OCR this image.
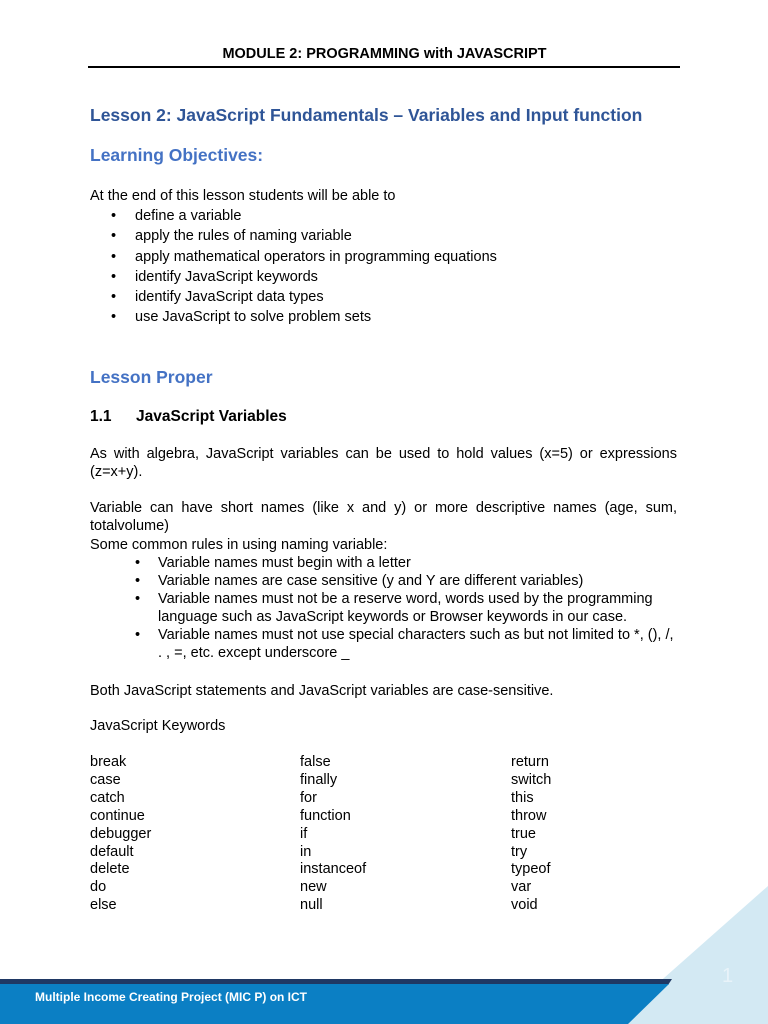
MODULE 2: PROGRAMMING with JAVASCRIPT
Lesson 2: JavaScript Fundamentals – Variables and Input function
Learning Objectives:
At the end of this lesson students will be able to
• define a variable
• apply the rules of naming variable
• apply mathematical operators in programming equations
• identify JavaScript keywords
• identify JavaScript data types
• use JavaScript to solve problem sets
Lesson Proper
1.1 JavaScript Variables
As with algebra, JavaScript variables can be used to hold values (x=5) or expressions (z=x+y).
Variable can have short names (like x and y) or more descriptive names (age, sum, totalvolume)
Some common rules in using naming variable:
• Variable names must begin with a letter
• Variable names are case sensitive (y and Y are different variables)
• Variable names must not be a reserve word, words used by the programming language such as JavaScript keywords or Browser keywords in our case.
• Variable names must not use special characters such as but not limited to *, (), /, . , =, etc. except underscore _
Both JavaScript statements and JavaScript variables are case-sensitive.
JavaScript Keywords
break
case
catch
continue
debugger
default
delete
do
else
false
finally
for
function
if
in
instanceof
new
null
return
switch
this
throw
true
try
typeof
var
void
Multiple Income Creating Project (MIC P) on ICT
1
